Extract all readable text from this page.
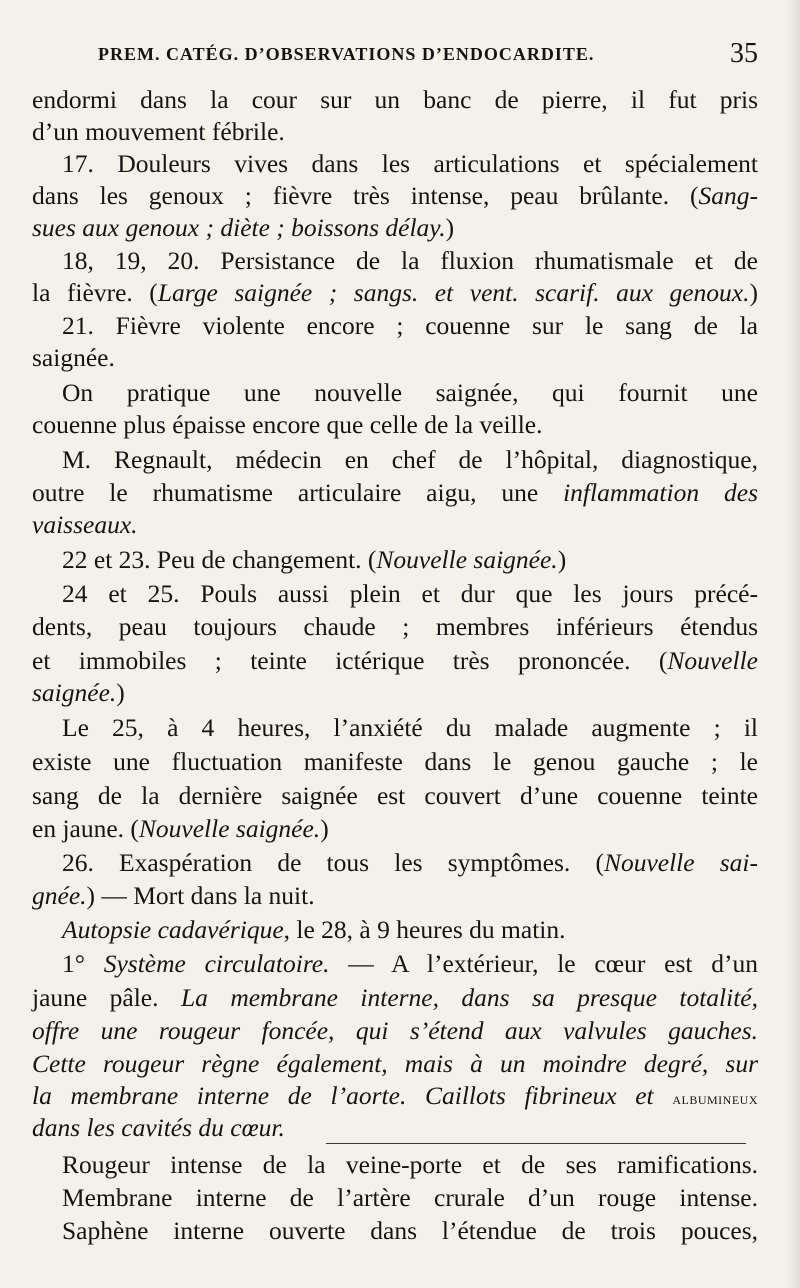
PREM. CATÉG. D’OBSERVATIONS D’ENDOCARDITE.	35
endormi dans la cour sur un banc de pierre, il fut pris
d’un mouvement fébrile.
17. Douleurs vives dans les articulations et spécialement
dans les genoux ; fièvre très intense, peau brûlante. (Sang-
sues aux genoux ; diète ; boissons délay.)
18, 19, 20. Persistance de la fluxion rhumatismale et de
la fièvre. (Large saignée ; sangs. et vent. scarif. aux genoux.)
21. Fièvre violente encore ; couenne sur le sang de la
saignée.
On pratique une nouvelle saignée, qui fournit une
couenne plus épaisse encore que celle de la veille.
M. Regnault, médecin en chef de l’hôpital, diagnostique,
outre le rhumatisme articulaire aigu, une inflammation des
vaisseaux.
22 et 23. Peu de changement. (Nouvelle saignée.)
24 et 25. Pouls aussi plein et dur que les jours précé-
dents, peau toujours chaude ; membres inférieurs étendus
et immobiles ; teinte ictérique très prononcée. (Nouvelle
saignée.)
Le 25, à 4 heures, l’anxiété du malade augmente ; il
existe une fluctuation manifeste dans le genou gauche ; le
sang de la dernière saignée est couvert d’une couenne teinte
en jaune. (Nouvelle saignée.)
26. Exaspération de tous les symptômes. (Nouvelle sai-
gnée.) — Mort dans la nuit.
Autopsie cadavérique, le 28, à 9 heures du matin.
1° Système circulatoire. — A l’extérieur, le cœur est d’un
jaune pâle. La membrane interne, dans sa presque totalité,
offre une rougeur foncée, qui s’étend aux valvules gauches.
Cette rougeur règne également, mais à un moindre degré, sur
la membrane interne de l’aorte. Caillots fibrineux et albumineux
dans les cavités du cœur.
Rougeur intense de la veine-porte et de ses ramifications.
Membrane interne de l’artère crurale d’un rouge intense.
Saphène interne ouverte dans l’étendue de trois pouces,
